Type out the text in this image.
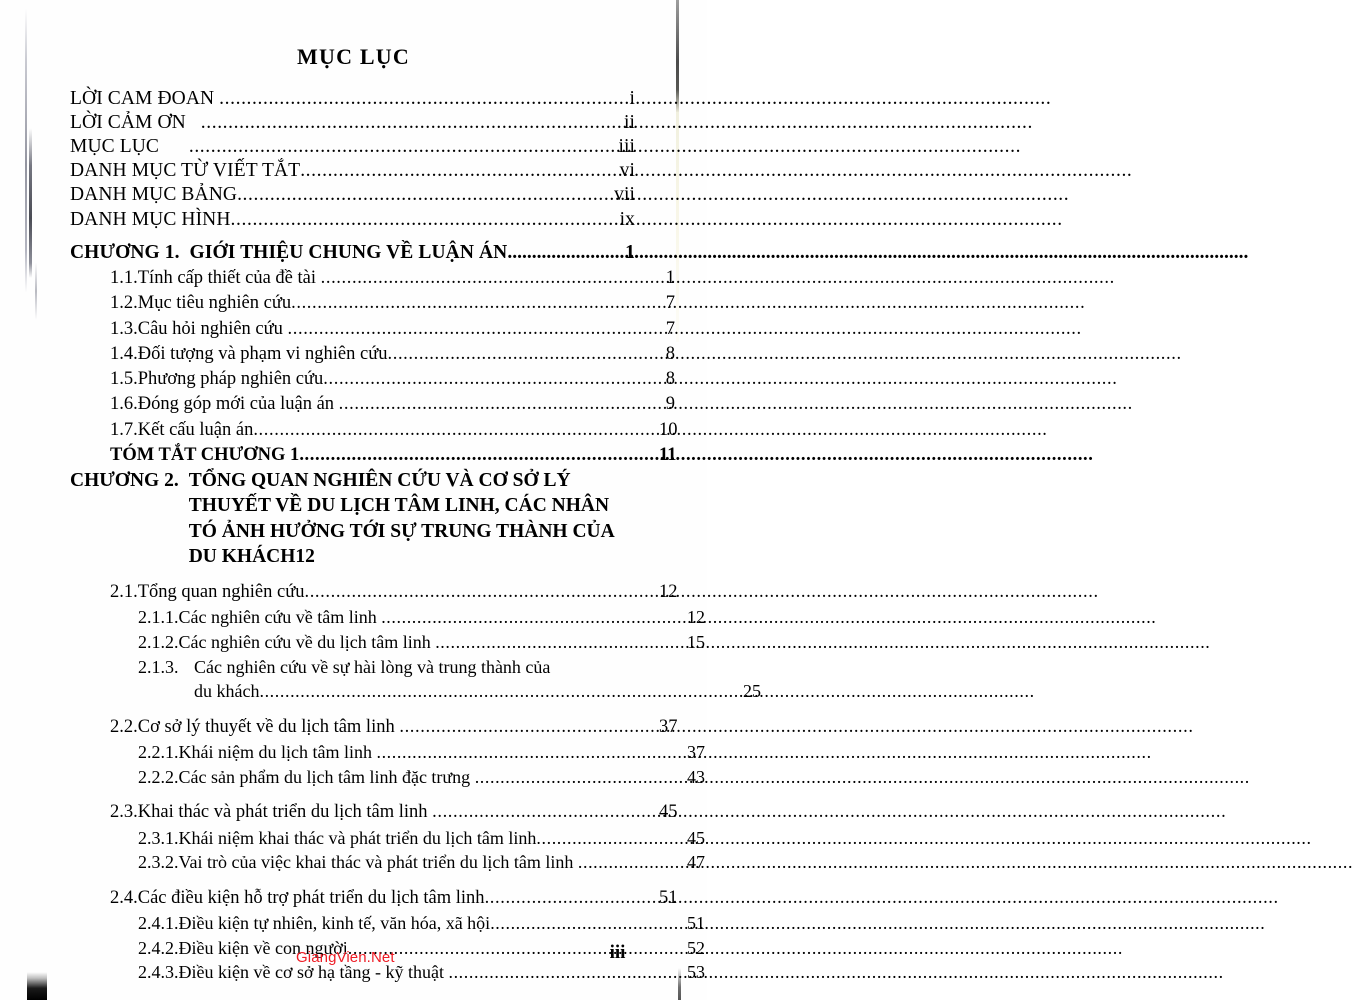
MỤC LỤC
LỜI CAM ĐOAN .....	i
LỜI CẢM ƠN .....	ii
MỤC LỤC .....	iii
DANH MỤC TỪ VIẾT TẮT .....	vi
DANH MỤC BẢNG .....	vii
DANH MỤC HÌNH .....	ix
CHƯƠNG 1.  GIỚI THIỆU CHUNG VỀ LUẬN ÁN .....	1
1.1. Tính cấp thiết của đề tài .....	1
1.2. Mục tiêu nghiên cứu .....	7
1.3. Câu hỏi nghiên cứu .....	7
1.4. Đối tượng và phạm vi nghiên cứu .....	8
1.5. Phương pháp nghiên cứu .....	8
1.6. Đóng góp mới của luận án .....	9
1.7. Kết cấu luận án .....	10
TÓM TẮT CHƯƠNG 1 .....	11
CHƯƠNG 2. TỔNG QUAN NGHIÊN CỨU VÀ CƠ SỞ LÝ
THUYẾT VỀ DU LỊCH TÂM LINH, CÁC NHÂN
TÓ ẢNH HƯỞNG TỚI SỰ TRUNG THÀNH CỦA
DU KHÁCH 12
2.1. Tổng quan nghiên cứu .....	12
2.1.1. Các nghiên cứu về tâm linh .....	12
2.1.2. Các nghiên cứu về du lịch tâm linh .....	15
2.1.3. Các nghiên cứu về sự hài lòng và trung thành của
du khách .....	25
2.2. Cơ sở lý thuyết về du lịch tâm linh .....	37
2.2.1. Khái niệm du lịch tâm linh .....	37
2.2.2. Các sản phẩm du lịch tâm linh đặc trưng .....	43
2.3. Khai thác và phát triển du lịch tâm linh .....	45
2.3.1. Khái niệm khai thác và phát triển du lịch tâm linh .....	45
2.3.2. Vai trò của việc khai thác và phát triển du lịch tâm linh .....	47
2.4. Các điều kiện hỗ trợ phát triển du lịch tâm linh .....	51
2.4.1. Điều kiện tự nhiên, kinh tế, văn hóa, xã hội .....	51
2.4.2. Điều kiện về con người .....	52
2.4.3. Điều kiện về cơ sở hạ tầng - kỹ thuật .....	53
GiangVien.Net	iii
